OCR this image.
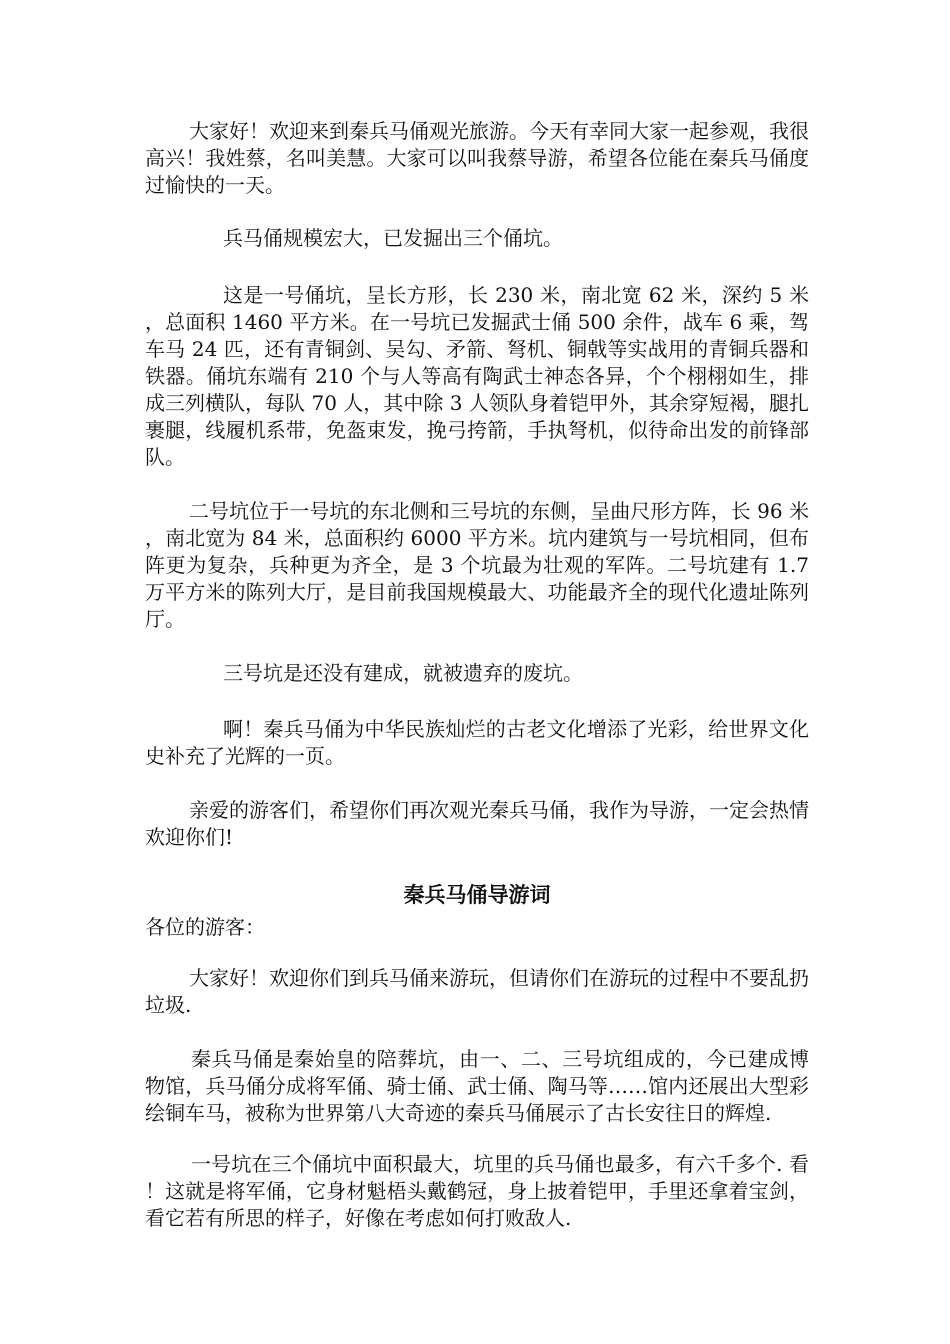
大家好！欢迎来到秦兵马俑观光旅游。今天有幸同大家一起参观，我很高兴！我姓蔡，名叫美慧。大家可以叫我蔡导游，希望各位能在秦兵马俑度过愉快的一天。

兵马俑规模宏大，已发掘出三个俑坑。

这是一号俑坑，呈长方形，长 230 米，南北宽 62 米，深约 5 米，总面积 1460 平方米。在一号坑已发掘武士俑 500 余件，战车 6 乘，驾车马 24 匹，还有青铜剑、吴勾、矛箭、弩机、铜戟等实战用的青铜兵器和铁器。俑坑东端有 210 个与人等高有陶武士神态各异，个个栩栩如生，排成三列横队，每队 70 人，其中除 3 人领队身着铠甲外，其余穿短褐，腿扎裹腿，线履机系带，免盔束发，挽弓挎箭，手执弩机，似待命出发的前锋部队。

二号坑位于一号坑的东北侧和三号坑的东侧，呈曲尺形方阵，长 96 米，南北宽为 84 米，总面积约 6000 平方米。坑内建筑与一号坑相同，但布阵更为复杂，兵种更为齐全，是 3 个坑最为壮观的军阵。二号坑建有 1.7 万平方米的陈列大厅，是目前我国规模最大、功能最齐全的现代化遗址陈列厅。

三号坑是还没有建成，就被遗弃的废坑。

啊！秦兵马俑为中华民族灿烂的古老文化增添了光彩，给世界文化史补充了光辉的一页。

亲爱的游客们，希望你们再次观光秦兵马俑，我作为导游，一定会热情欢迎你们!

秦兵马俑导游词

各位的游客：

大家好！欢迎你们到兵马俑来游玩，但请你们在游玩的过程中不要乱扔垃圾.

秦兵马俑是秦始皇的陪葬坑，由一、二、三号坑组成的，今已建成博物馆，兵马俑分成将军俑、骑士俑、武士俑、陶马等……馆内还展出大型彩绘铜车马，被称为世界第八大奇迹的秦兵马俑展示了古长安往日的辉煌.

一号坑在三个俑坑中面积最大，坑里的兵马俑也最多，有六千多个. 看！这就是将军俑，它身材魁梧头戴鹤冠，身上披着铠甲，手里还拿着宝剑，看它若有所思的样子，好像在考虑如何打败敌人.
